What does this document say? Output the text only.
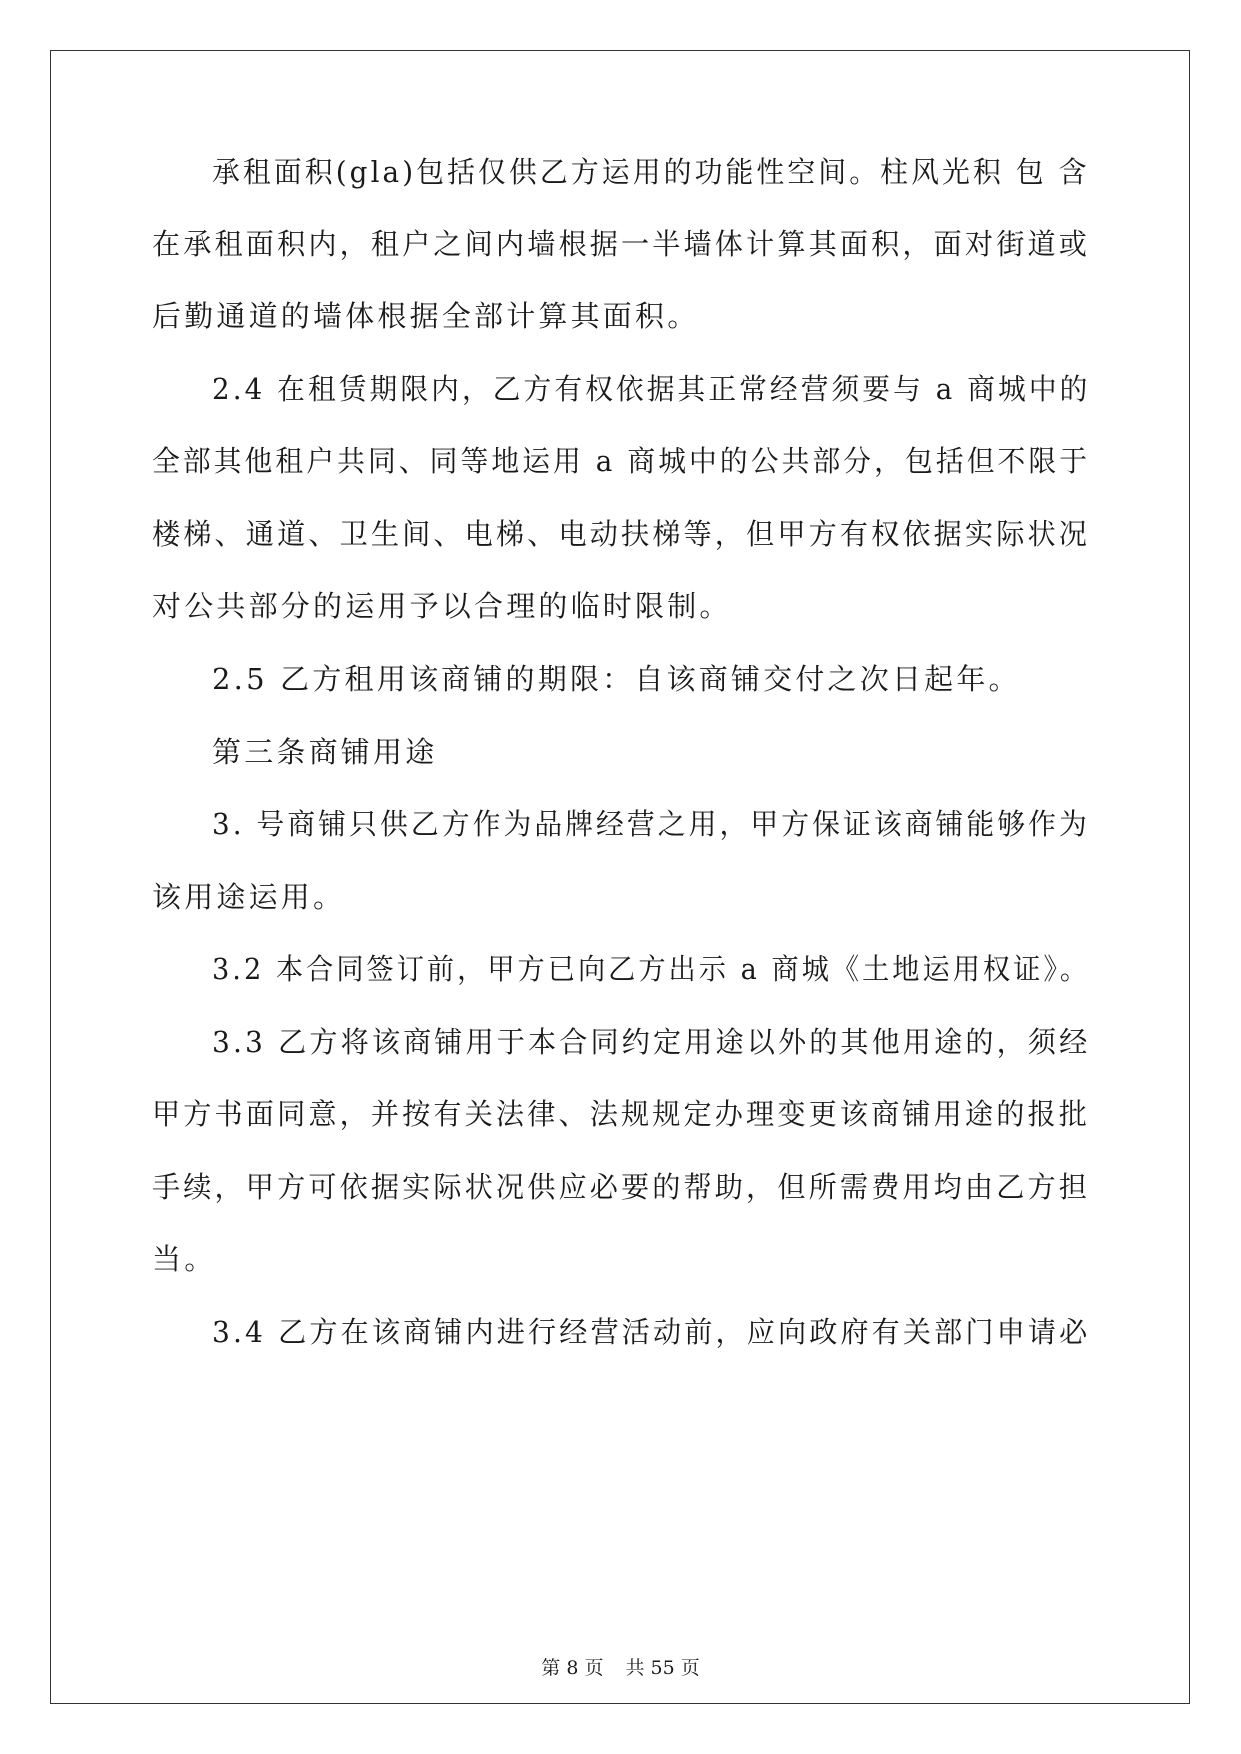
承租面积(gla)包括仅供乙方运用的功能性空间。柱风光积 包 含
在承租面积内，租户之间内墙根据一半墙体计算其面积，面对街道或
后勤通道的墙体根据全部计算其面积。
2.4 在租赁期限内，乙方有权依据其正常经营须要与 a 商城中的
全部其他租户共同、同等地运用 a 商城中的公共部分，包括但不限于
楼梯、通道、卫生间、电梯、电动扶梯等，但甲方有权依据实际状况
对公共部分的运用予以合理的临时限制。
2.5 乙方租用该商铺的期限：自该商铺交付之次日起年。
第三条商铺用途
3. 号商铺只供乙方作为品牌经营之用，甲方保证该商铺能够作为
该用途运用。
3.2 本合同签订前，甲方已向乙方出示 a 商城《土地运用权证》。
3.3 乙方将该商铺用于本合同约定用途以外的其他用途的，须经
甲方书面同意，并按有关法律、法规规定办理变更该商铺用途的报批
手续，甲方可依据实际状况供应必要的帮助，但所需费用均由乙方担
当。
3.4 乙方在该商铺内进行经营活动前，应向政府有关部门申请必
第 8 页 共 55 页
